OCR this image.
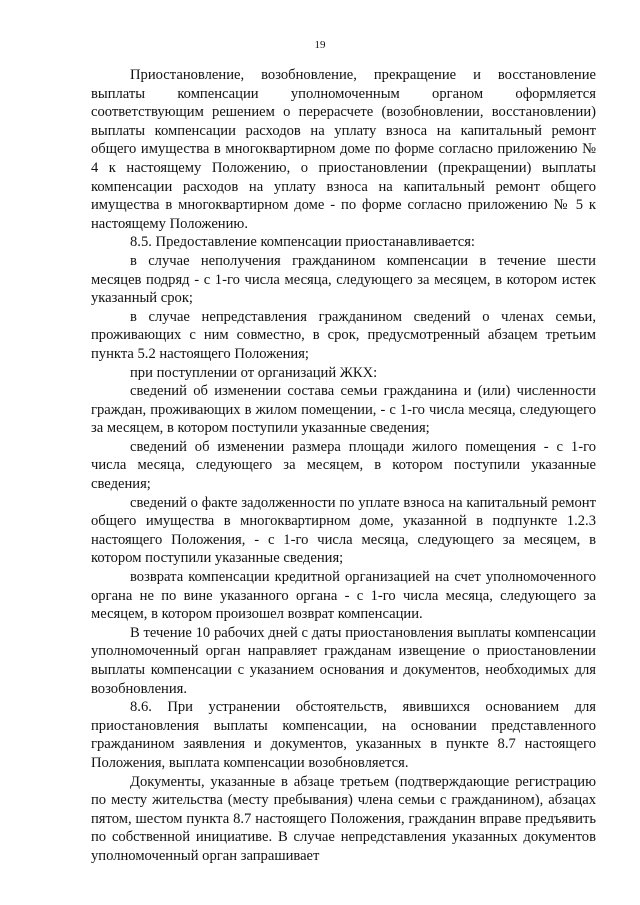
19

Приостановление, возобновление, прекращение и восстановление выплаты компенсации уполномоченным органом оформляется соответствующим решением о перерасчете (возобновлении, восстановлении) выплаты компенсации расходов на уплату взноса на капитальный ремонт общего имущества в многоквартирном доме по форме согласно приложению № 4 к настоящему Положению, о приостановлении (прекращении) выплаты компенсации расходов на уплату взноса на капитальный ремонт общего имущества в многоквартирном доме - по форме согласно приложению № 5 к настоящему Положению.

8.5. Предоставление компенсации приостанавливается:

в случае неполучения гражданином компенсации в течение шести месяцев подряд - с 1-го числа месяца, следующего за месяцем, в котором истек указанный срок;

в случае непредставления гражданином сведений о членах семьи, проживающих с ним совместно, в срок, предусмотренный абзацем третьим пункта 5.2 настоящего Положения;

при поступлении от организаций ЖКХ:

сведений об изменении состава семьи гражданина и (или) численности граждан, проживающих в жилом помещении, - с 1-го числа месяца, следующего за месяцем, в котором поступили указанные сведения;

сведений об изменении размера площади жилого помещения - с 1-го числа месяца, следующего за месяцем, в котором поступили указанные сведения;

сведений о факте задолженности по уплате взноса на капитальный ремонт общего имущества в многоквартирном доме, указанной в подпункте 1.2.3 настоящего Положения, - с 1-го числа месяца, следующего за месяцем, в котором поступили указанные сведения;

возврата компенсации кредитной организацией на счет уполномоченного органа не по вине указанного органа - с 1-го числа месяца, следующего за месяцем, в котором произошел возврат компенсации.

В течение 10 рабочих дней с даты приостановления выплаты компенсации уполномоченный орган направляет гражданам извещение о приостановлении выплаты компенсации с указанием основания и документов, необходимых для возобновления.

8.6. При устранении обстоятельств, явившихся основанием для приостановления выплаты компенсации, на основании представленного гражданином заявления и документов, указанных в пункте 8.7 настоящего Положения, выплата компенсации возобновляется.

Документы, указанные в абзаце третьем (подтверждающие регистрацию по месту жительства (месту пребывания) члена семьи с гражданином), абзацах пятом, шестом пункта 8.7 настоящего Положения, гражданин вправе предъявить по собственной инициативе. В случае непредставления указанных документов уполномоченный орган запрашивает
